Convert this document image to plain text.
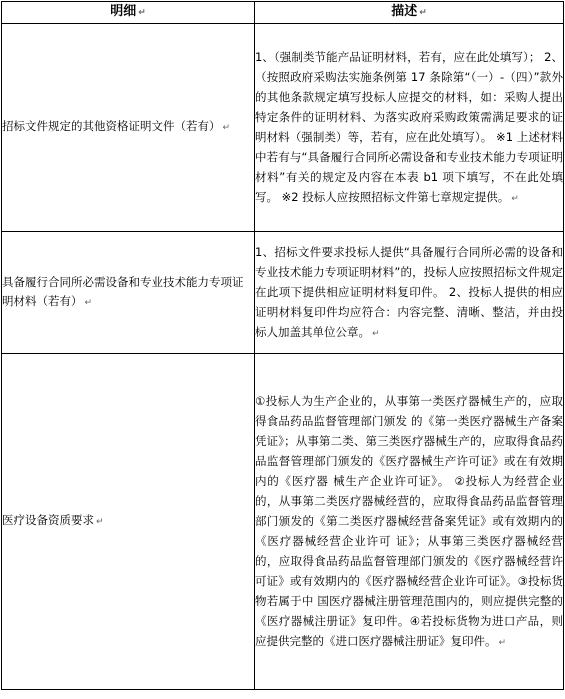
明细 ↵	描述 ↵
招标文件规定的其他资格证明文件（若有） ↵	1、（强制类节能产品证明材料，若有，应在此处填写）； 2、（按照政府采购法实施条例第 17 条除第“（一）-（四）”款外的其他条款规定填写投标人应提交的材料，如：采购人提出特定条件的证明材料、为落实政府采购政策需满足要求的证明材料（强制类）等，若有，应在此处填写）。 ※1 上述材料中若有与“具备履行合同所必需设备和专业技术能力专项证明材料”有关的规定及内容在本表 b1 项下填写，不在此处填写。 ※2 投标人应按照招标文件第七章规定提供。 ↵
具备履行合同所必需设备和专业技术能力专项证明材料（若有） ↵	1、招标文件要求投标人提供“具备履行合同所必需的设备和专业技术能力专项证明材料”的，投标人应按照招标文件规定在此项下提供相应证明材料复印件。 2、投标人提供的相应证明材料复印件均应符合：内容完整、清晰、整洁，并由投标人加盖其单位公章。 ↵
医疗设备资质要求 ↵	①投标人为生产企业的，从事第一类医疗器械生产的，应取得食品药品监督管理部门颁发 的《第一类医疗器械生产备案凭证》；从事第二类、第三类医疗器械生产的，应取得食品药品监督管理部门颁发的《医疗器械生产许可证》或在有效期内的《医疗器 械生产企业许可证》。 ②投标人为经营企业的，从事第二类医疗器械经营的，应取得食品药品监督管理部门颁发的《第二类医疗器械经营备案凭证》或有效期内的《医疗器械经营企业许可 证》；从事第三类医疗器械经营的，应取得食品药品监督管理部门颁发的《医疗器械经营许可证》或有效期内的《医疗器械经营企业许可证》。③投标货物若属于中 国医疗器械注册管理范围内的，则应提供完整的《医疗器械注册证》复印件。④若投标货物为进口产品，则应提供完整的《进口医疗器械注册证》复印件。 ↵
